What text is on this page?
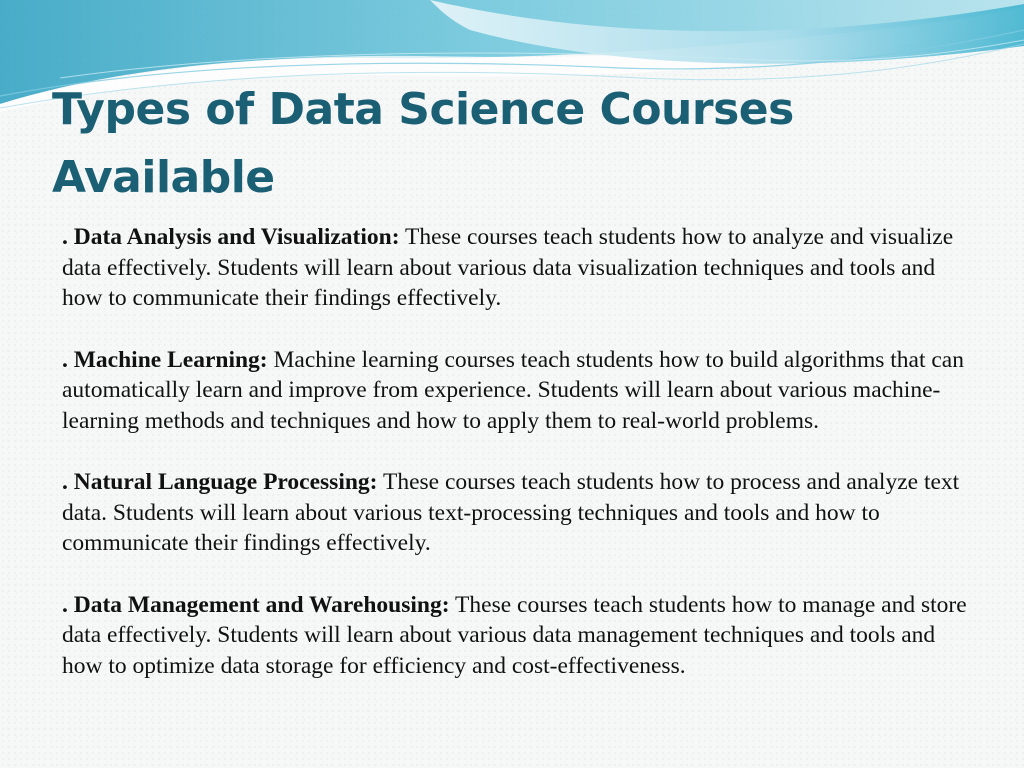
Types of Data Science Courses Available

. Data Analysis and Visualization: These courses teach students how to analyze and visualize data effectively. Students will learn about various data visualization techniques and tools and how to communicate their findings effectively.

. Machine Learning: Machine learning courses teach students how to build algorithms that can automatically learn and improve from experience. Students will learn about various machine-learning methods and techniques and how to apply them to real-world problems.

. Natural Language Processing: These courses teach students how to process and analyze text data. Students will learn about various text-processing techniques and tools and how to communicate their findings effectively.

. Data Management and Warehousing: These courses teach students how to manage and store data effectively. Students will learn about various data management techniques and tools and how to optimize data storage for efficiency and cost-effectiveness.
